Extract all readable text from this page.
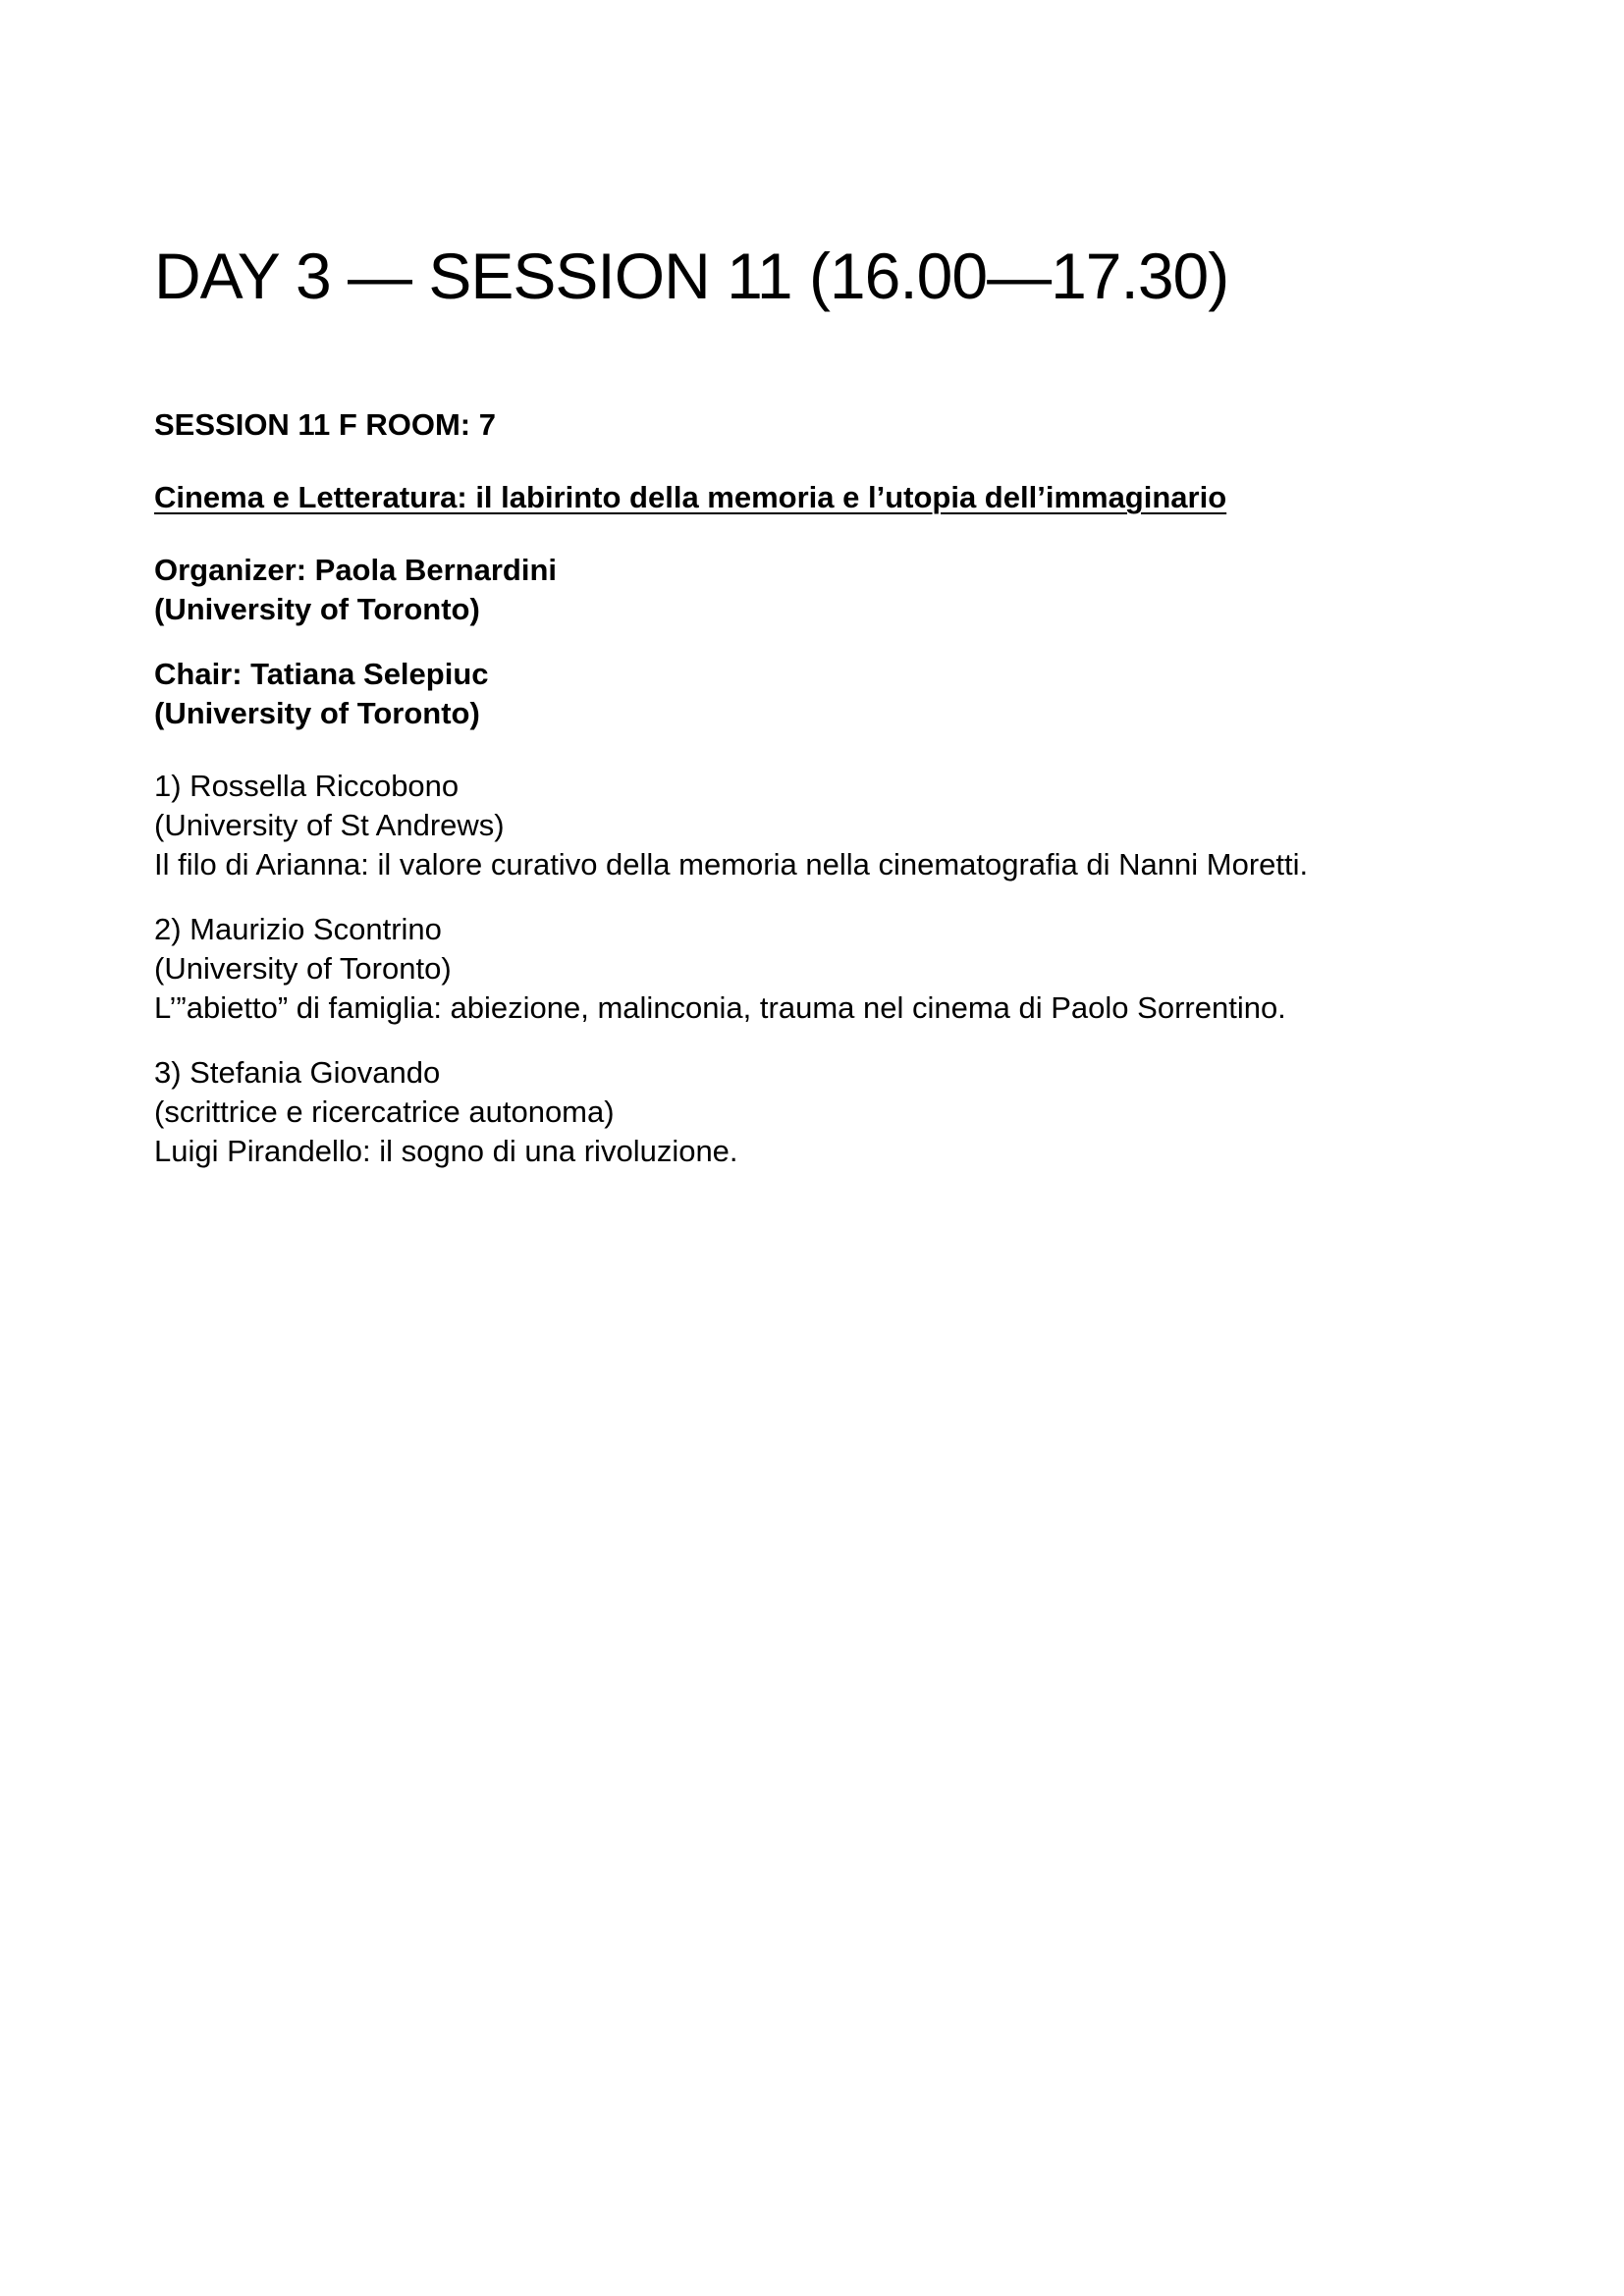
DAY 3 — SESSION 11 (16.00—17.30)
SESSION 11 F ROOM: 7
Cinema e Letteratura: il labirinto della memoria e l’utopia dell’immaginario
Organizer: Paola Bernardini
(University of Toronto)
Chair: Tatiana Selepiuc
(University of Toronto)
1) Rossella Riccobono
(University of St Andrews)
Il filo di Arianna: il valore curativo della memoria nella cinematografia di Nanni Moretti.
2) Maurizio Scontrino
(University of Toronto)
L’”abietto” di famiglia: abiezione, malinconia, trauma nel cinema di Paolo Sorrentino.
3) Stefania Giovando
(scrittrice e ricercatrice autonoma)
Luigi Pirandello: il sogno di una rivoluzione.
